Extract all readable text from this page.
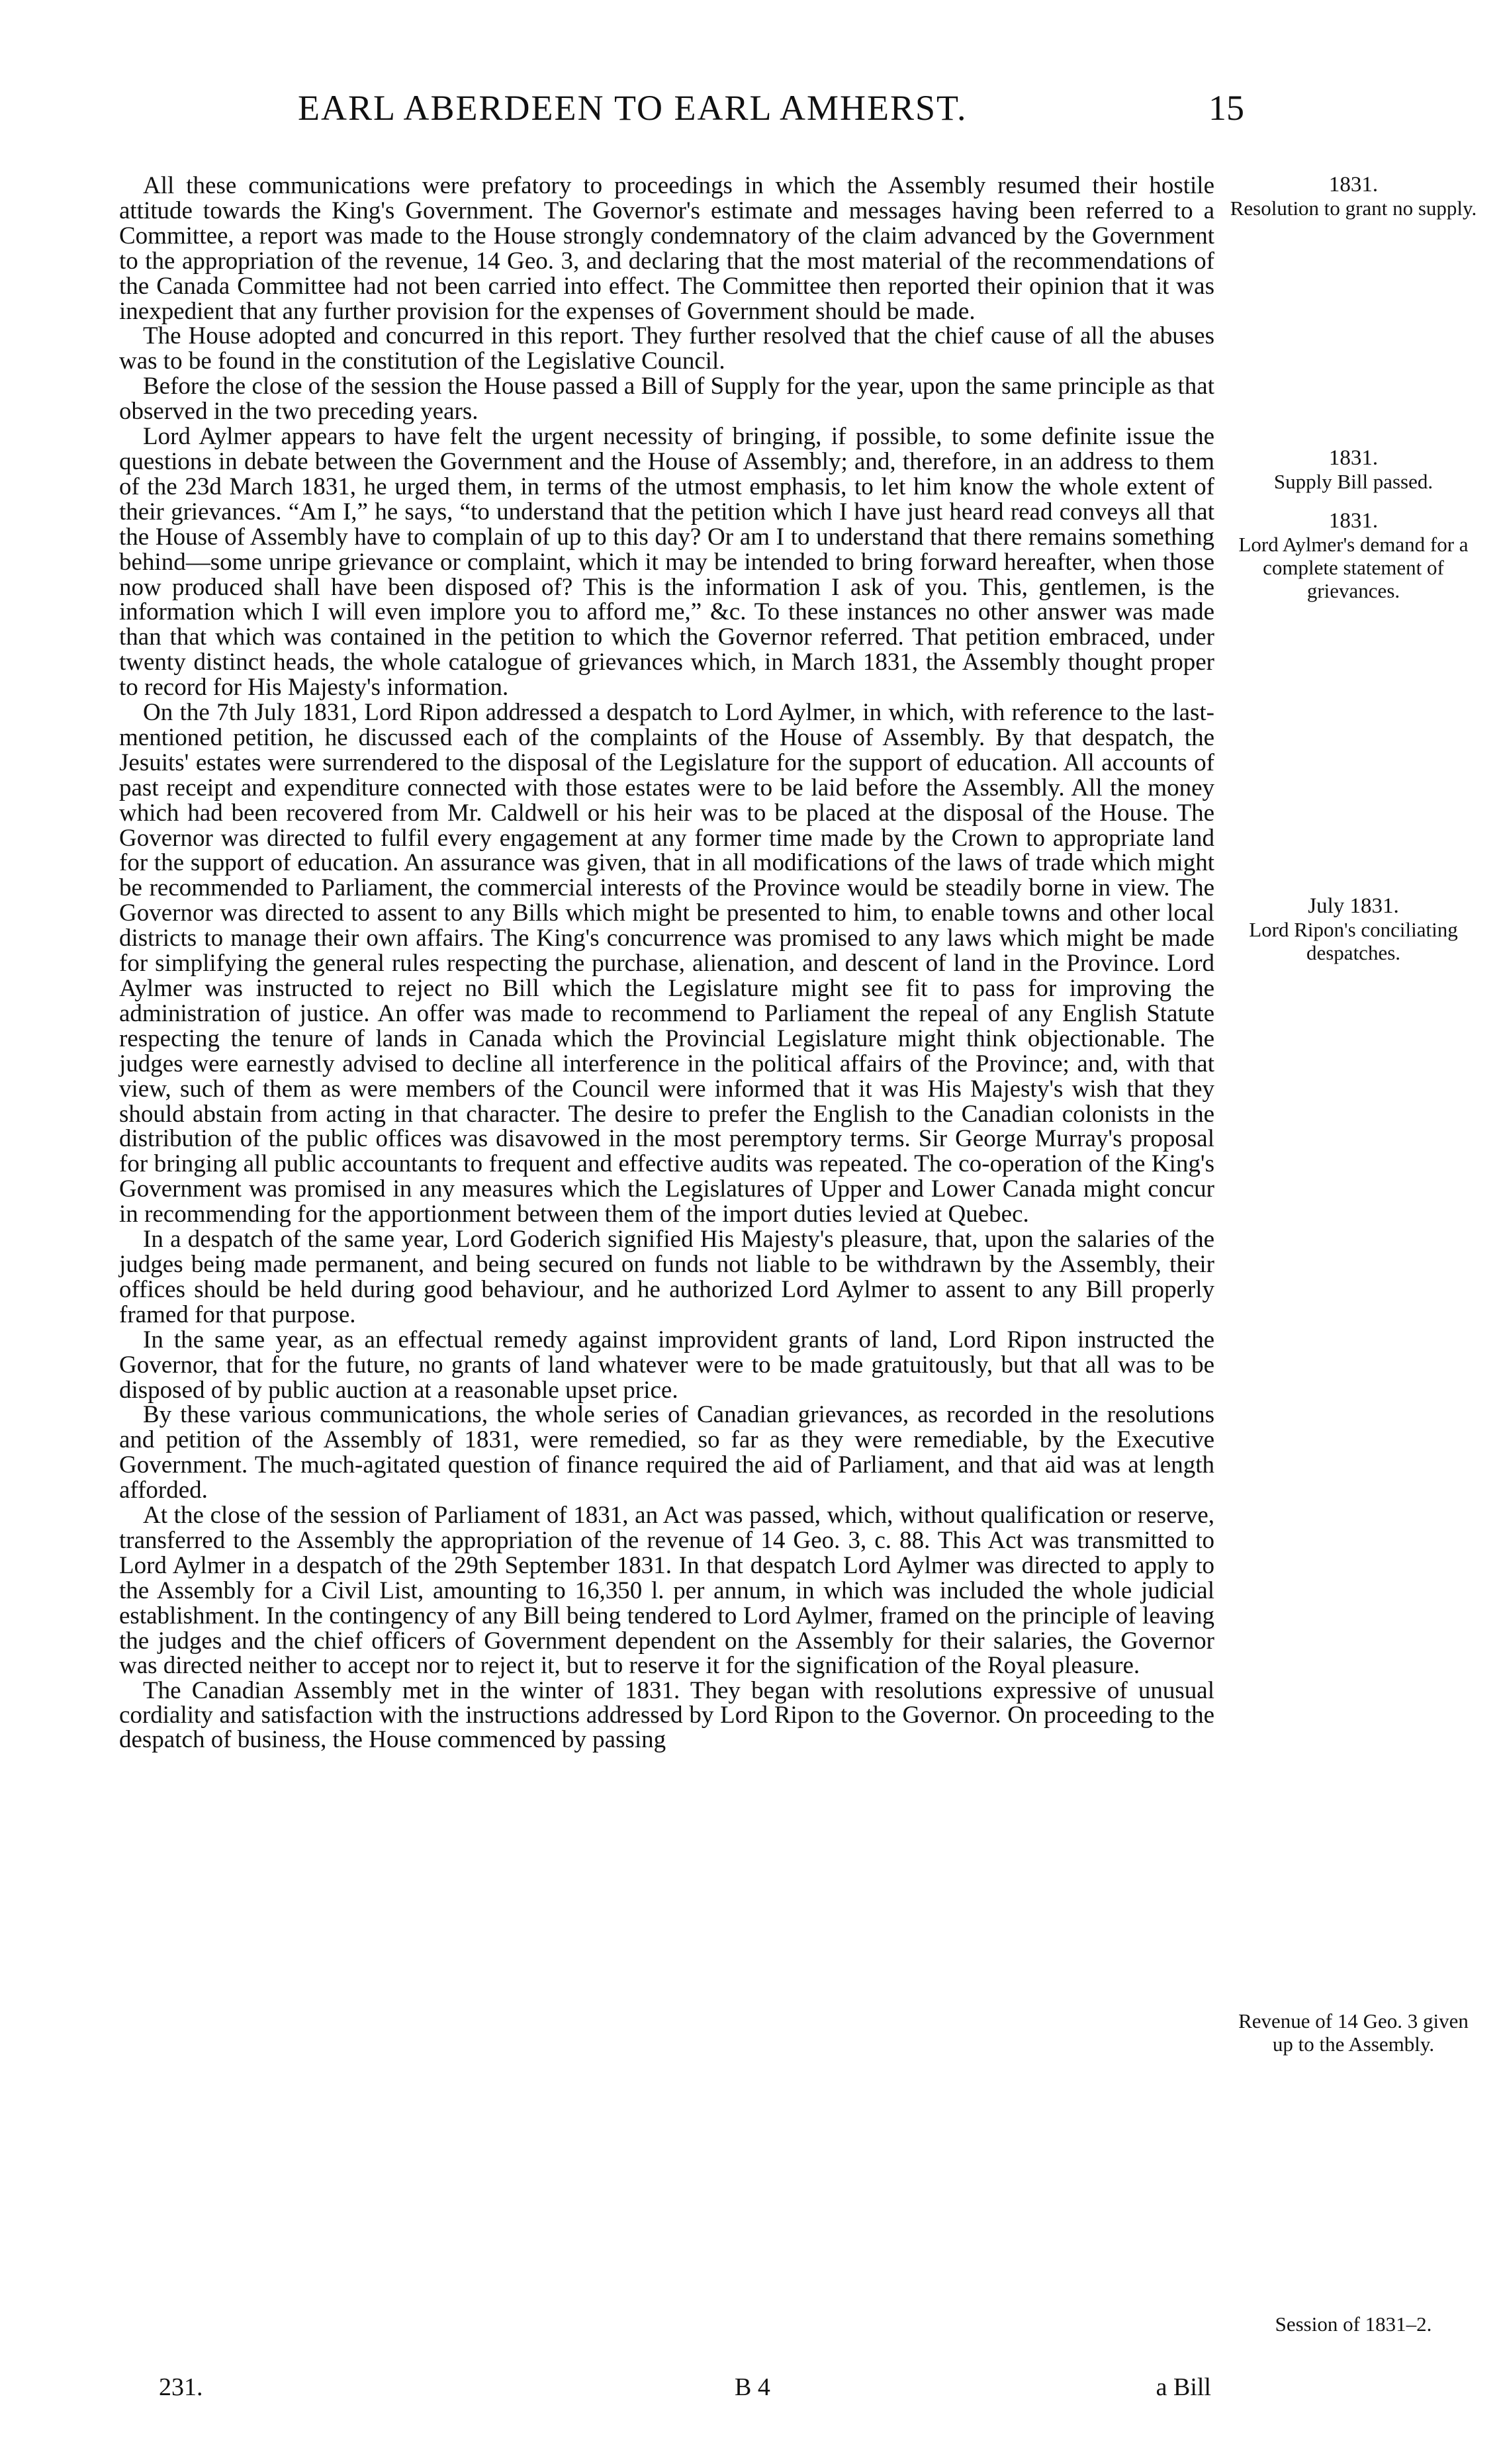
EARL ABERDEEN TO EARL AMHERST.	15

All these communications were prefatory to proceedings in which the Assembly resumed their hostile attitude towards the King's Government. The Governor's estimate and messages having been referred to a Committee, a report was made to the House strongly condemnatory of the claim advanced by the Government to the appropriation of the revenue, 14 Geo. 3, and declaring that the most material of the recommendations of the Canada Committee had not been carried into effect. The Committee then reported their opinion that it was inexpedient that any further provision for the expenses of Government should be made.

The House adopted and concurred in this report. They further resolved that the chief cause of all the abuses was to be found in the constitution of the Legislative Council.

Before the close of the session the House passed a Bill of Supply for the year, upon the same principle as that observed in the two preceding years.

Lord Aylmer appears to have felt the urgent necessity of bringing, if possible, to some definite issue the questions in debate between the Government and the House of Assembly; and, therefore, in an address to them of the 23d March 1831, he urged them, in terms of the utmost emphasis, to let him know the whole extent of their grievances. “Am I,” he says, “to understand that the petition which I have just heard read conveys all that the House of Assembly have to complain of up to this day? Or am I to understand that there remains something behind—some unripe grievance or complaint, which it may be intended to bring forward hereafter, when those now produced shall have been disposed of? This is the information I ask of you. This, gentlemen, is the information which I will even implore you to afford me,” &c. To these instances no other answer was made than that which was contained in the petition to which the Governor referred. That petition embraced, under twenty distinct heads, the whole catalogue of grievances which, in March 1831, the Assembly thought proper to record for His Majesty's information.

On the 7th July 1831, Lord Ripon addressed a despatch to Lord Aylmer, in which, with reference to the last-mentioned petition, he discussed each of the complaints of the House of Assembly. By that despatch, the Jesuits' estates were surrendered to the disposal of the Legislature for the support of education. All accounts of past receipt and expenditure connected with those estates were to be laid before the Assembly. All the money which had been recovered from Mr. Caldwell or his heir was to be placed at the disposal of the House. The Governor was directed to fulfil every engagement at any former time made by the Crown to appropriate land for the support of education. An assurance was given, that in all modifications of the laws of trade which might be recommended to Parliament, the commercial interests of the Province would be steadily borne in view. The Governor was directed to assent to any Bills which might be presented to him, to enable towns and other local districts to manage their own affairs. The King's concurrence was promised to any laws which might be made for simplifying the general rules respecting the purchase, alienation, and descent of land in the Province. Lord Aylmer was instructed to reject no Bill which the Legislature might see fit to pass for improving the administration of justice. An offer was made to recommend to Parliament the repeal of any English Statute respecting the tenure of lands in Canada which the Provincial Legislature might think objectionable. The judges were earnestly advised to decline all interference in the political affairs of the Province; and, with that view, such of them as were members of the Council were informed that it was His Majesty's wish that they should abstain from acting in that character. The desire to prefer the English to the Canadian colonists in the distribution of the public offices was disavowed in the most peremptory terms. Sir George Murray's proposal for bringing all public accountants to frequent and effective audits was repeated. The co-operation of the King's Government was promised in any measures which the Legislatures of Upper and Lower Canada might concur in recommending for the apportionment between them of the import duties levied at Quebec.

In a despatch of the same year, Lord Goderich signified His Majesty's pleasure, that, upon the salaries of the judges being made permanent, and being secured on funds not liable to be withdrawn by the Assembly, their offices should be held during good behaviour, and he authorized Lord Aylmer to assent to any Bill properly framed for that purpose.

In the same year, as an effectual remedy against improvident grants of land, Lord Ripon instructed the Governor, that for the future, no grants of land whatever were to be made gratuitously, but that all was to be disposed of by public auction at a reasonable upset price.

By these various communications, the whole series of Canadian grievances, as recorded in the resolutions and petition of the Assembly of 1831, were remedied, so far as they were remediable, by the Executive Government. The much-agitated question of finance required the aid of Parliament, and that aid was at length afforded.

At the close of the session of Parliament of 1831, an Act was passed, which, without qualification or reserve, transferred to the Assembly the appropriation of the revenue of 14 Geo. 3, c. 88. This Act was transmitted to Lord Aylmer in a despatch of the 29th September 1831. In that despatch Lord Aylmer was directed to apply to the Assembly for a Civil List, amounting to 16,350 l. per annum, in which was included the whole judicial establishment. In the contingency of any Bill being tendered to Lord Aylmer, framed on the principle of leaving the judges and the chief officers of Government dependent on the Assembly for their salaries, the Governor was directed neither to accept nor to reject it, but to reserve it for the signification of the Royal pleasure.

The Canadian Assembly met in the winter of 1831. They began with resolutions expressive of unusual cordiality and satisfaction with the instructions addressed by Lord Ripon to the Governor. On proceeding to the despatch of business, the House commenced by passing

1831.
Resolution to grant no supply.
1831.
Supply Bill passed.
1831.
Lord Aylmer's demand for a complete statement of grievances.
July 1831.
Lord Ripon's conciliating despatches.
Revenue of 14 Geo. 3 given up to the Assembly.
Session of 1831–2.
231.	B 4	a Bill
